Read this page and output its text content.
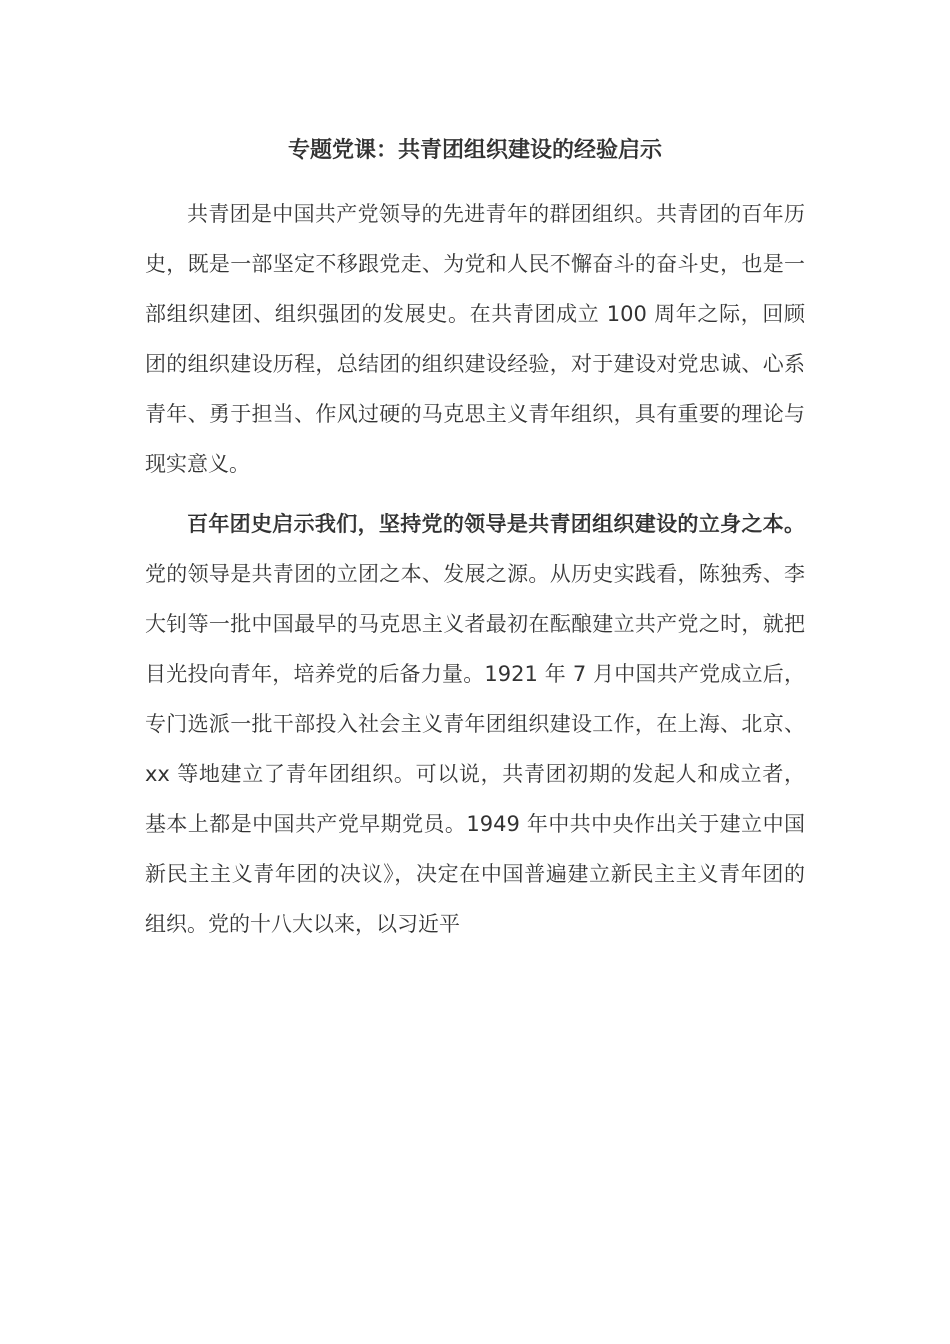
专题党课：共青团组织建设的经验启示

共青团是中国共产党领导的先进青年的群团组织。共青团的百年历史，既是一部坚定不移跟党走、为党和人民不懈奋斗的奋斗史，也是一部组织建团、组织强团的发展史。在共青团成立 100 周年之际，回顾团的组织建设历程，总结团的组织建设经验，对于建设对党忠诚、心系青年、勇于担当、作风过硬的马克思主义青年组织，具有重要的理论与现实意义。

百年团史启示我们，坚持党的领导是共青团组织建设的立身之本。党的领导是共青团的立团之本、发展之源。从历史实践看，陈独秀、李大钊等一批中国最早的马克思主义者最初在酝酿建立共产党之时，就把目光投向青年，培养党的后备力量。1921 年 7 月中国共产党成立后，专门选派一批干部投入社会主义青年团组织建设工作，在上海、北京、xx 等地建立了青年团组织。可以说，共青团初期的发起人和成立者，基本上都是中国共产党早期党员。1949 年中共中央作出关于建立中国新民主主义青年团的决议》，决定在中国普遍建立新民主主义青年团的组织。党的十八大以来，以习近平
